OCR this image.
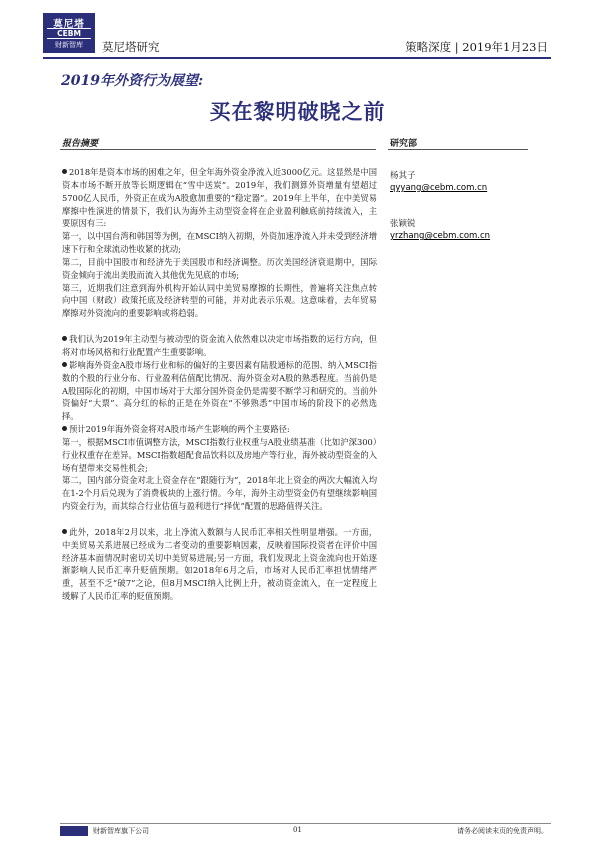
莫尼塔
CEBM
财新智库	莫尼塔研究	策略深度 | 2019年1月23日
2019年外资行为展望:
买在黎明破晓之前
报告摘要	研究部
杨其子
qyyang@cebm.com.cn
张颖锐
yrzhang@cebm.com.cn

2018年是资本市场的困难之年，但全年海外资金净流入近3000亿元。这显然是中国资本市场不断开放等长期逻辑在“雪中送炭”。2019年，我们测算外资增量有望超过5700亿人民币，外资正在成为A股愈加重要的“稳定器”。2019年上半年，在中美贸易摩擦中性演进的情景下，我们认为海外主动型资金将在企业盈利触底前持续流入，主要原因有三:

第一，以中国台湾和韩国等为例，在MSCI纳入初期，外资加速净流入并未受到经济增速下行和全球流动性收紧的扰动;

第二，目前中国股市和经济先于美国股市和经济调整。历次美国经济衰退期中，国际资金倾向于流出美股而流入其他优先见底的市场;

第三，近期我们注意到海外机构开始认同中美贸易摩擦的长期性，普遍将关注焦点转向中国（财政）政策托底及经济转型的可能，并对此表示乐观。这意味着，去年贸易摩擦对外资流向的重要影响或将趋弱。

我们认为2019年主动型与被动型的资金流入依然难以决定市场指数的运行方向，但将对市场风格和行业配置产生重要影响。

影响海外资金A股市场行业和标的偏好的主要因素有陆股通标的范围、纳入MSCI指数的个股的行业分布、行业盈利估值配比情况、海外资金对A股的熟悉程度。当前仍是A股国际化的初期，中国市场对于大部分国外资金仍是需要不断学习和研究的。当前外资偏好“大票”、高分红的标的正是在外资在“不够熟悉”中国市场的阶段下的必然选择。

预计2019年海外资金将对A股市场产生影响的两个主要路径:

第一，根据MSCI市值调整方法，MSCI指数行业权重与A股业绩基准（比如沪深300）行业权重存在差异。MSCI指数超配食品饮料以及房地产等行业，海外被动型资金的入场有望带来交易性机会;

第二，国内部分资金对北上资金存在“跟随行为”，2018年北上资金的两次大幅流入均在1-2个月后兑现为了消费板块的上涨行情。今年，海外主动型资金仍有望继续影响国内资金行为，而其综合行业估值与盈利进行“择优”配置的思路值得关注。

此外，2018年2月以来，北上净流入数额与人民币汇率相关性明显增强。一方面，中美贸易关系进展已经成为二者变动的重要影响因素，反映着国际投资者在评价中国经济基本面情况时密切关切中美贸易进展;另一方面，我们发现北上资金流向也开始逐渐影响人民币汇率升贬值预期。如2018年6月之后，市场对人民币汇率担忧情绪严重，甚至不乏“破7”之论，但8月MSCI纳入比例上升，被动资金流入，在一定程度上缓解了人民币汇率的贬值预期。

财新智库旗下公司	01	请务必阅读末页的免责声明。
